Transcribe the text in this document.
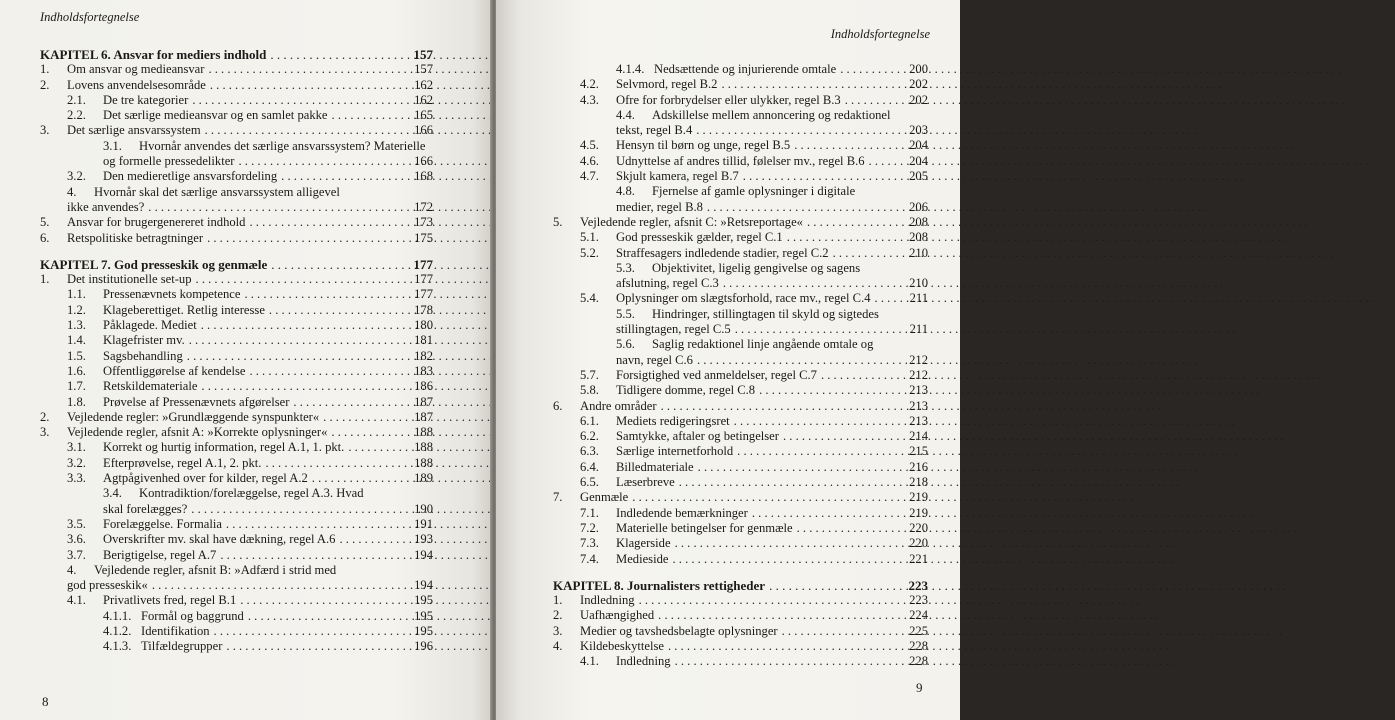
Indholdsfortegnelse
KAPITEL 6. Ansvar for mediers indhold . . .	157
1.	Om ansvar og medieansvar . . .	157
2.	Lovens anvendelsesområde . . .	162
2.1.	De tre kategorier . . .	162
2.2.	Det særlige medieansvar og en samlet pakke . . .	165
3.	Det særlige ansvarssystem . . .	166
3.1.	Hvornår anvendes det særlige ansvarssystem? Materielle
og formelle pressedelikter . . .	166
3.2.	Den medieretlige ansvarsfordeling . . .	168
4.	Hvornår skal det særlige ansvarssystem alligevel
ikke anvendes? . . .	172
5.	Ansvar for brugergenereret indhold . . .	173
6.	Retspolitiske betragtninger . . .	175
KAPITEL 7. God presseskik og genmæle . . .	177
1.	Det institutionelle set-up . . .	177
1.1.	Pressenævnets kompetence . . .	177
1.2.	Klageberettiget. Retlig interesse . . .	178
1.3.	Påklagede. Mediet . . .	180
1.4.	Klagefrister mv. . . .	181
1.5.	Sagsbehandling . . .	182
1.6.	Offentliggørelse af kendelse . . .	183
1.7.	Retskildemateriale . . .	186
1.8.	Prøvelse af Pressenævnets afgørelser . . .	187
2.	Vejledende regler: »Grundlæggende synspunkter« . . .	187
3.	Vejledende regler, afsnit A: »Korrekte oplysninger« . . .	188
3.1.	Korrekt og hurtig information, regel A.1, 1. pkt. . . .	188
3.2.	Efterprøvelse, regel A.1, 2. pkt. . . .	188
3.3.	Agtpågivenhed over for kilder, regel A.2 . . .	189
3.4.	Kontradiktion/forelæggelse, regel A.3. Hvad
skal forelægges? . . .	190
3.5.	Forelæggelse. Formalia . . .	191
3.6.	Overskrifter mv. skal have dækning, regel A.6 . . .	193
3.7.	Berigtigelse, regel A.7 . . .	194
4.	Vejledende regler, afsnit B: »Adfærd i strid med
god presseskik« . . .	194
4.1.	Privatlivets fred, regel B.1 . . .	195
4.1.1. Formål og baggrund . . .	195
4.1.2. Identifikation . . .	195
4.1.3. Tilfældegrupper . . .	196
8
Indholdsfortegnelse
4.1.4. Nedsættende og injurierende omtale . . .	200
4.2.	Selvmord, regel B.2 . . .	202
4.3.	Ofre for forbrydelser eller ulykker, regel B.3 . . .	202
4.4.	Adskillelse mellem annoncering og redaktionel
tekst, regel B.4 . . .	203
4.5.	Hensyn til børn og unge, regel B.5 . . .	204
4.6.	Udnyttelse af andres tillid, følelser mv., regel B.6 . . .	204
4.7.	Skjult kamera, regel B.7 . . .	205
4.8.	Fjernelse af gamle oplysninger i digitale
medier, regel B.8 . . .	206
5.	Vejledende regler, afsnit C: »Retsreportage« . . .	208
5.1.	God presseskik gælder, regel C.1 . . .	208
5.2.	Straffesagers indledende stadier, regel C.2 . . .	210
5.3.	Objektivitet, ligelig gengivelse og sagens
afslutning, regel C.3 . . .	210
5.4.	Oplysninger om slægtsforhold, race mv., regel C.4 . . .	211
5.5.	Hindringer, stillingtagen til skyld og sigtedes
stillingtagen, regel C.5 . . .	211
5.6.	Saglig redaktionel linje angående omtale og
navn, regel C.6 . . .	212
5.7.	Forsigtighed ved anmeldelser, regel C.7 . . .	212
5.8.	Tidligere domme, regel C.8 . . .	213
6.	Andre områder . . .	213
6.1.	Mediets redigeringsret . . .	213
6.2.	Samtykke, aftaler og betingelser . . .	214
6.3.	Særlige internetforhold . . .	215
6.4.	Billedmateriale . . .	216
6.5.	Læserbreve . . .	218
7.	Genmæle . . .	219
7.1.	Indledende bemærkninger . . .	219
7.2.	Materielle betingelser for genmæle . . .	220
7.3.	Klagerside . . .	220
7.4.	Medieside . . .	221
KAPITEL 8. Journalisters rettigheder . . .	223
1.	Indledning . . .	223
2.	Uafhængighed . . .	224
3.	Medier og tavshedsbelagte oplysninger . . .	225
4.	Kildebeskyttelse . . .	228
4.1.	Indledning . . .	228
9
